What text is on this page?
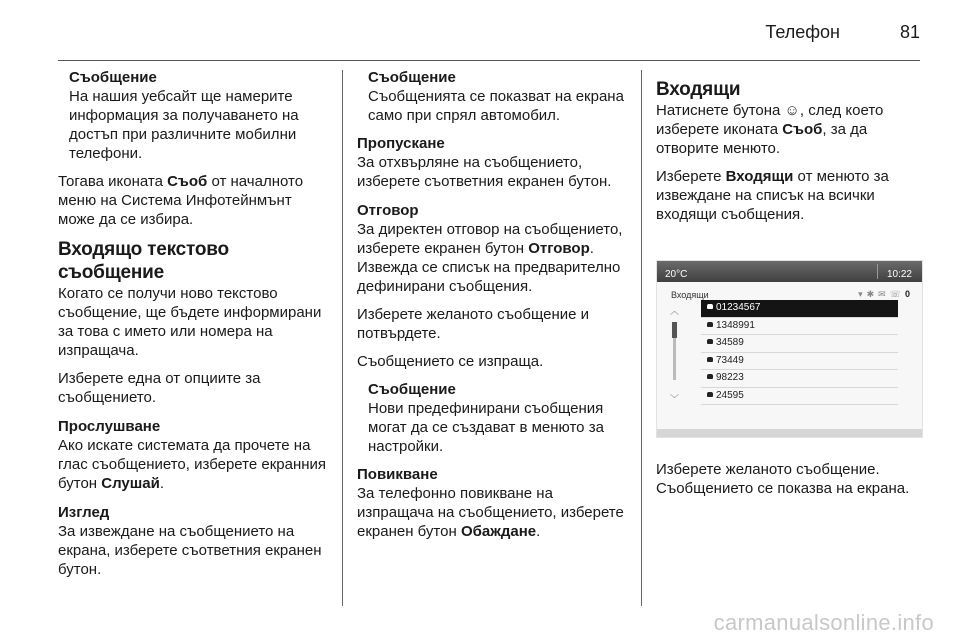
Телефон	81
Съобщение

На нашия уебсайт ще намерите информация за получаването на достъп при различните мобилни телефони.

Тогава иконата Съоб от началното меню на Система Инфотейнмънт може да се избира.

Входящо текстово съобщение

Когато се получи ново текстово съобщение, ще бъдете информирани за това с името или номера на изпращача.

Изберете една от опциите за съобщението.

Прослушване

Ако искате системата да прочете на глас съобщението, изберете екранния бутон Слушай.

Изглед

За извеждане на съобщението на екрана, изберете съответния екранен бутон.

Съобщение

Съобщенията се показват на екрана само при спрял автомобил.

Пропускане

За отхвърляне на съобщението, изберете съответния екранен бутон.

Отговор

За директен отговор на съобщението, изберете екранен бутон Отговор. Извежда се списък на предварително дефинирани съобщения.

Изберете желаното съобщение и потвърдете.

Съобщението се изпраща.

Съобщение

Нови предефинирани съобщения могат да се създават в менюто за настройки.

Повикване

За телефонно повикване на изпращача на съобщението, изберете екранен бутон Обаждане.

Входящи

Натиснете бутона ☺, след което изберете иконата Съоб, за да отворите менюто.

Изберете Входящи от менюто за извеждане на списък на всички входящи съобщения.

20°C	10:22
Входящи	▾✱✉☏0
︿
﹀
01234567
1348991
34589
73449
98223
24595

Изберете желаното съобщение. Съобщението се показва на екрана.

carmanualsonline.info
